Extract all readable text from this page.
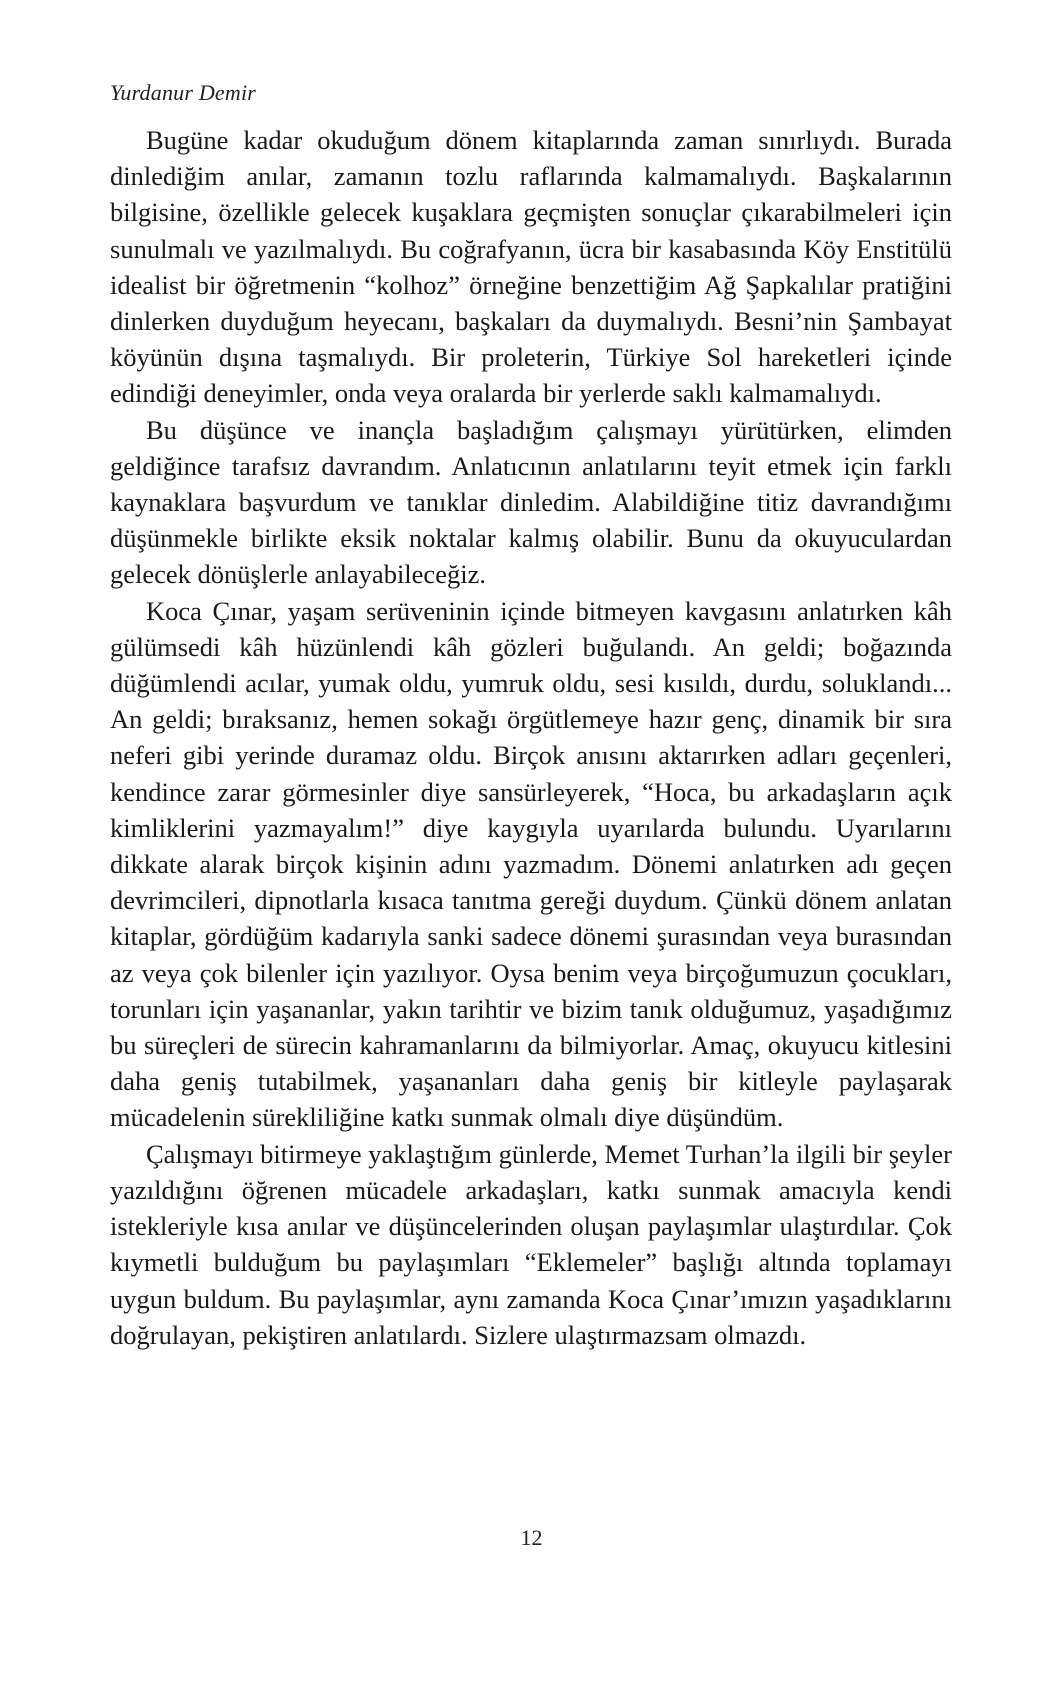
Yurdanur Demir

Bugüne kadar okuduğum dönem kitaplarında zaman sınırlıydı. Burada dinlediğim anılar, zamanın tozlu raflarında kalmamalıydı. Başkalarının bilgisine, özellikle gelecek kuşaklara geçmişten sonuçlar çıkarabilmeleri için sunulmalı ve yazılmalıydı. Bu coğrafyanın, ücra bir kasabasında Köy Enstitülü idealist bir öğretmenin “kolhoz” örneğine benzettiğim Ağ Şapkalılar pratiğini dinlerken duyduğum heyecanı, başkaları da duymalıydı. Besni’nin Şambayat köyünün dışına taşmalıydı. Bir proleterin, Türkiye Sol hareketleri içinde edindiği deneyimler, onda veya oralarda bir yerlerde saklı kalmamalıydı.

Bu düşünce ve inançla başladığım çalışmayı yürütürken, elimden geldiğince tarafsız davrandım. Anlatıcının anlatılarını teyit etmek için farklı kaynaklara başvurdum ve tanıklar dinledim. Alabildiğine titiz davrandığımı düşünmekle birlikte eksik noktalar kalmış olabilir. Bunu da okuyuculardan gelecek dönüşlerle anlayabileceğiz.

Koca Çınar, yaşam serüveninin içinde bitmeyen kavgasını anlatırken kâh gülümsedi kâh hüzünlendi kâh gözleri buğulandı. An geldi; boğazında düğümlendi acılar, yumak oldu, yumruk oldu, sesi kısıldı, durdu, soluklandı... An geldi; bıraksanız, hemen sokağı örgütlemeye hazır genç, dinamik bir sıra neferi gibi yerinde duramaz oldu. Birçok anısını aktarırken adları geçenleri, kendince zarar görmesinler diye sansürleyerek, “Hoca, bu arkadaşların açık kimliklerini yazmayalım!” diye kaygıyla uyarılarda bulundu. Uyarılarını dikkate alarak birçok kişinin adını yazmadım. Dönemi anlatırken adı geçen devrimcileri, dipnotlarla kısaca tanıtma gereği duydum. Çünkü dönem anlatan kitaplar, gördüğüm kadarıyla sanki sadece dönemi şurasından veya burasından az veya çok bilenler için yazılıyor. Oysa benim veya birçoğumuzun çocukları, torunları için yaşananlar, yakın tarihtir ve bizim tanık olduğumuz, yaşadığımız bu süreçleri de sürecin kahramanlarını da bilmiyorlar. Amaç, okuyucu kitlesini daha geniş tutabilmek, yaşananları daha geniş bir kitleyle paylaşarak mücadelenin sürekliliğine katkı sunmak olmalı diye düşündüm.

Çalışmayı bitirmeye yaklaştığım günlerde, Memet Turhan’la ilgili bir şeyler yazıldığını öğrenen mücadele arkadaşları, katkı sunmak amacıyla kendi istekleriyle kısa anılar ve düşüncelerinden oluşan paylaşımlar ulaştırdılar. Çok kıymetli bulduğum bu paylaşımları “Eklemeler” başlığı altında toplamayı uygun buldum. Bu paylaşımlar, aynı zamanda Koca Çınar’ımızın yaşadıklarını doğrulayan, pekiştiren anlatılardı. Sizlere ulaştırmazsam olmazdı.

12
